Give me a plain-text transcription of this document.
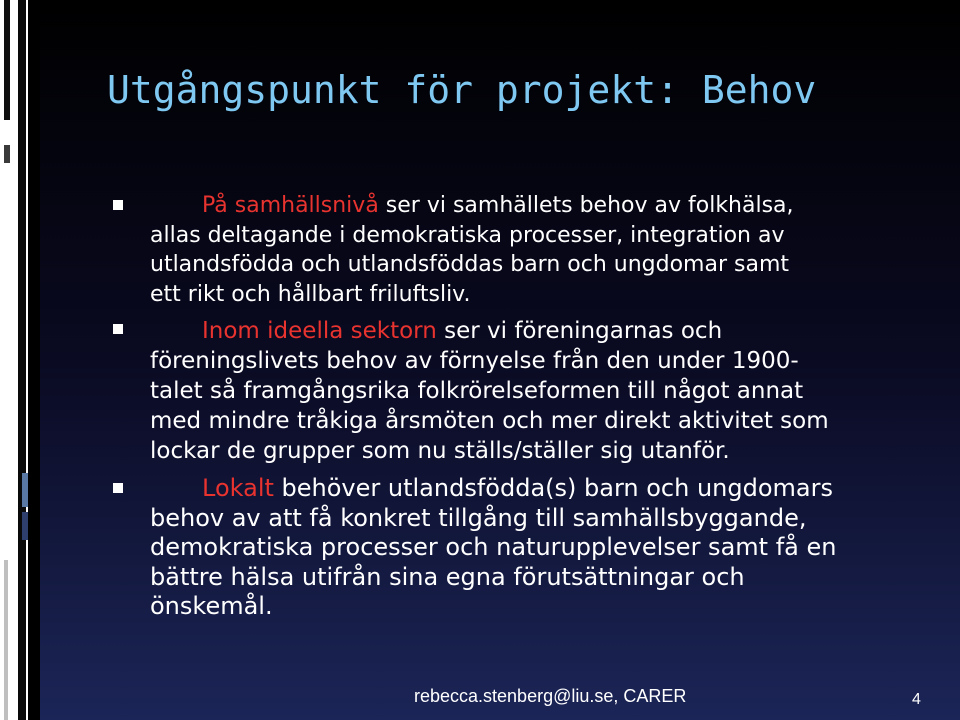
Utgångspunkt för projekt: Behov
På samhällsnivå ser vi samhällets behov av folkhälsa,
allas deltagande i demokratiska processer, integration av
utlandsfödda och utlandsföddas barn och ungdomar samt
ett rikt och hållbart friluftsliv.
Inom ideella sektorn ser vi föreningarnas och
föreningslivets behov av förnyelse från den under 1900-
talet så framgångsrika folkrörelseformen till något annat
med mindre tråkiga årsmöten och mer direkt aktivitet som
lockar de grupper som nu ställs/ställer sig utanför.
Lokalt behöver utlandsfödda(s) barn och ungdomars
behov av att få konkret tillgång till samhällsbyggande,
demokratiska processer och naturupplevelser samt få en
bättre hälsa utifrån sina egna förutsättningar och
önskemål.
rebecca.stenberg@liu.se, CARER	4
